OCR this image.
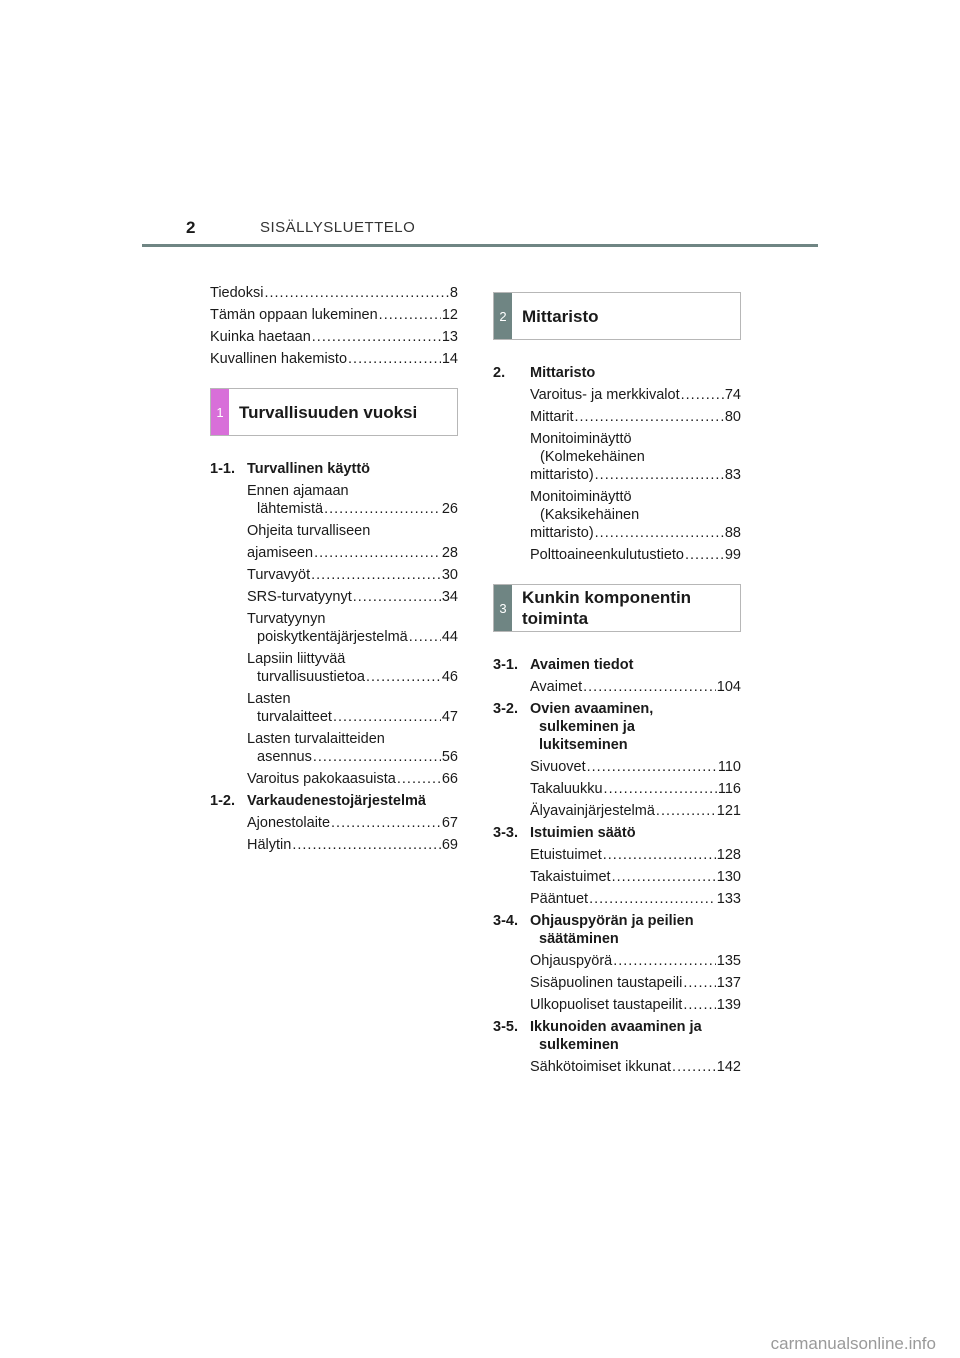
2	SISÄLLYSLUETTELO
Tiedoksi .....	8
Tämän oppaan lukeminen .....	12
Kuinka haetaan .....	13
Kuvallinen hakemisto .....	14
1 Turvallisuuden vuoksi
1-1. Turvallinen käyttö
Ennen ajamaan
lähtemistä .....	26
Ohjeita turvalliseen
ajamiseen .....	28
Turvavyöt .....	30
SRS-turvatyynyt .....	34
Turvatyynyn
poiskytkentäjärjestelmä ..... 44
Lapsiin liittyvää
turvallisuustietoa .....	46
Lasten
turvalaitteet .....	47
Lasten turvalaitteiden
asennus .....	56
Varoitus pakokaasuista .....	66
1-2. Varkaudenestojärjestelmä
Ajonestolaite .....	67
Hälytin .....	69
2 Mittaristo
2.	Mittaristo
Varoitus- ja merkkivalot .....	74
Mittarit .....	80
Monitoiminäyttö
(Kolmekehäinen
mittaristo) .....	83
Monitoiminäyttö
(Kaksikehäinen
mittaristo) .....	88
Polttoaineenkulutustieto .....	99
3
Kunkin komponentin
toiminta
3-1. Avaimen tiedot
Avaimet .....	104
3-2. Ovien avaaminen,
sulkeminen ja
lukitseminen
Sivuovet .....	110
Takaluukku .....	116
Älyavainjärjestelmä .....	121
3-3. Istuimien säätö
Etuistuimet .....	128
Takaistuimet .....	130
Pääntuet .....	133
3-4. Ohjauspyörän ja peilien
säätäminen
Ohjauspyörä .....	135
Sisäpuolinen taustapeili ..... 137
Ulkopuoliset taustapeilit ..... 139
3-5. Ikkunoiden avaaminen ja
sulkeminen
Sähkötoimiset ikkunat .....	142
carmanualsonline.info
